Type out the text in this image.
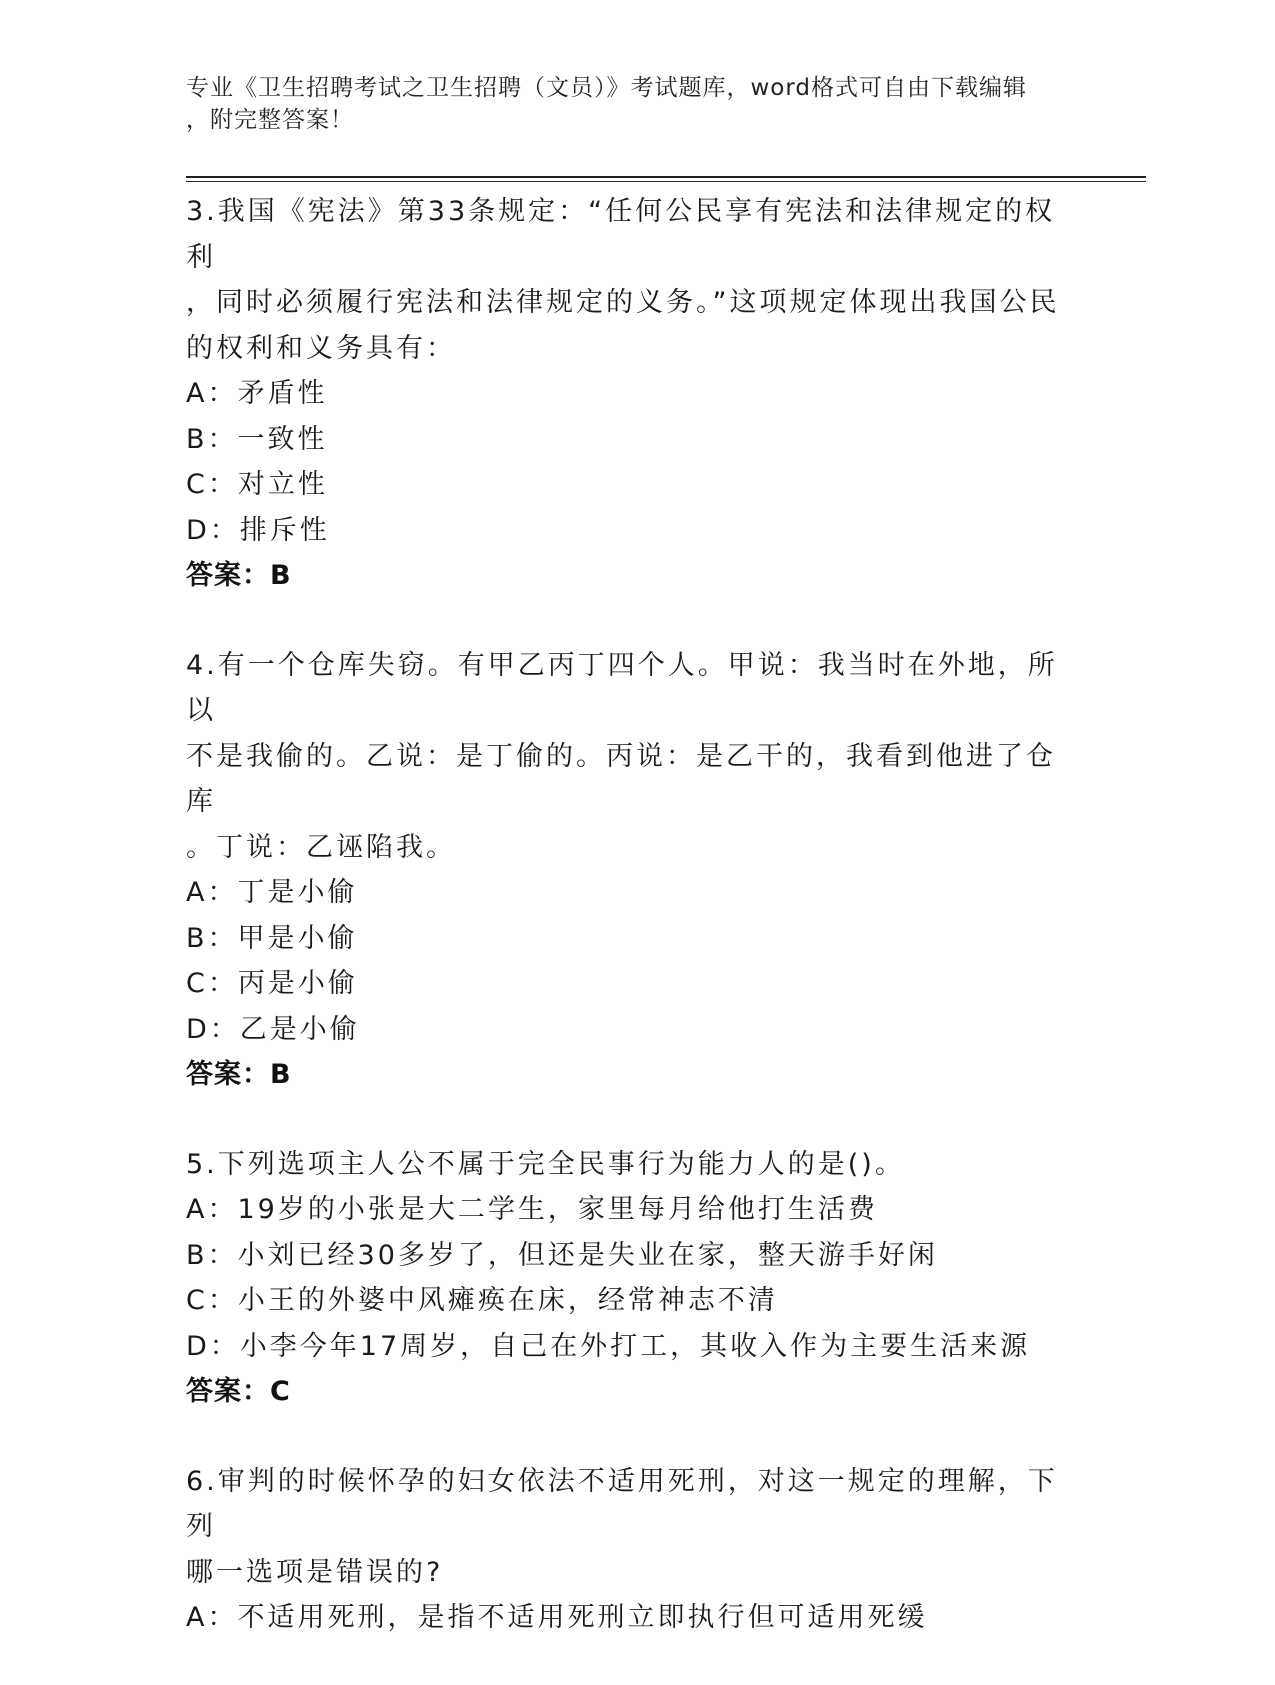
专业《卫生招聘考试之卫生招聘（文员）》考试题库，word格式可自由下载编辑
，附完整答案！

3.我国《宪法》第33条规定：“任何公民享有宪法和法律规定的权利

，同时必须履行宪法和法律规定的义务。”这项规定体现出我国公民

的权利和义务具有：

A：矛盾性

B：一致性

C：对立性

D：排斥性

答案：B

4.有一个仓库失窃。有甲乙丙丁四个人。甲说：我当时在外地，所以

不是我偷的。乙说：是丁偷的。丙说：是乙干的，我看到他进了仓库

。丁说：乙诬陷我。

A：丁是小偷

B：甲是小偷

C：丙是小偷

D：乙是小偷

答案：B

5.下列选项主人公不属于完全民事行为能力人的是()。

A：19岁的小张是大二学生，家里每月给他打生活费

B：小刘已经30多岁了，但还是失业在家，整天游手好闲

C：小王的外婆中风瘫痪在床，经常神志不清

D：小李今年17周岁，自己在外打工，其收入作为主要生活来源

答案：C

6.审判的时候怀孕的妇女依法不适用死刑，对这一规定的理解，下列

哪一选项是错误的?

A：不适用死刑，是指不适用死刑立即执行但可适用死缓
